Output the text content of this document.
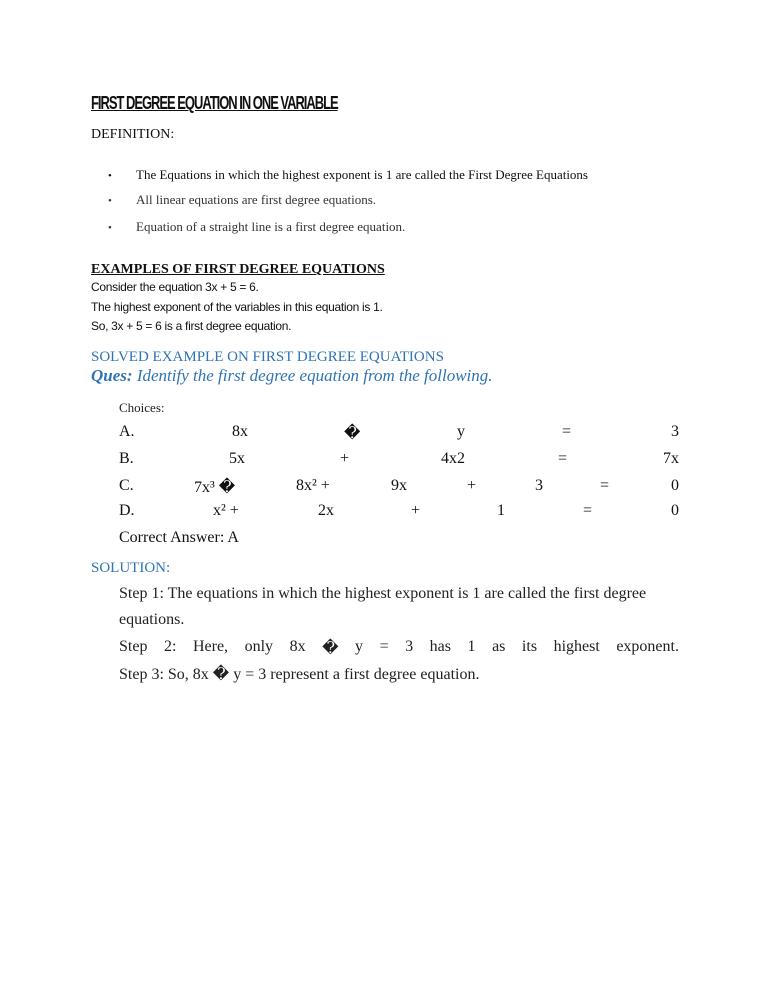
FIRST DEGREE EQUATION IN ONE VARIABLE
DEFINITION:
•	The Equations in which the highest exponent is 1 are called the First Degree Equations
•	All linear equations are first degree equations.
•	Equation of a straight line is a first degree equation.
EXAMPLES OF FIRST DEGREE EQUATIONS
Consider the equation 3x + 5 = 6.
The highest exponent of the variables in this equation is 1.
So, 3x + 5 = 6 is a first degree equation.
SOLVED EXAMPLE ON FIRST DEGREE EQUATIONS
Ques: Identify the first degree equation from the following.
Choices:
A.	8x	�	y	=	3
B.	5x	+	4x2	=	7x
C.	7x³ �	8x² +	9x	+	3	=	0
D.	x² +	2x	+	1	=	0
Correct Answer: A
SOLUTION:
Step 1: The equations in which the highest exponent is 1 are called the first degree
equations.
Step 2: Here, only 8x � y = 3 has 1 as its highest exponent.
Step 3: So, 8x � y = 3 represent a first degree equation.
